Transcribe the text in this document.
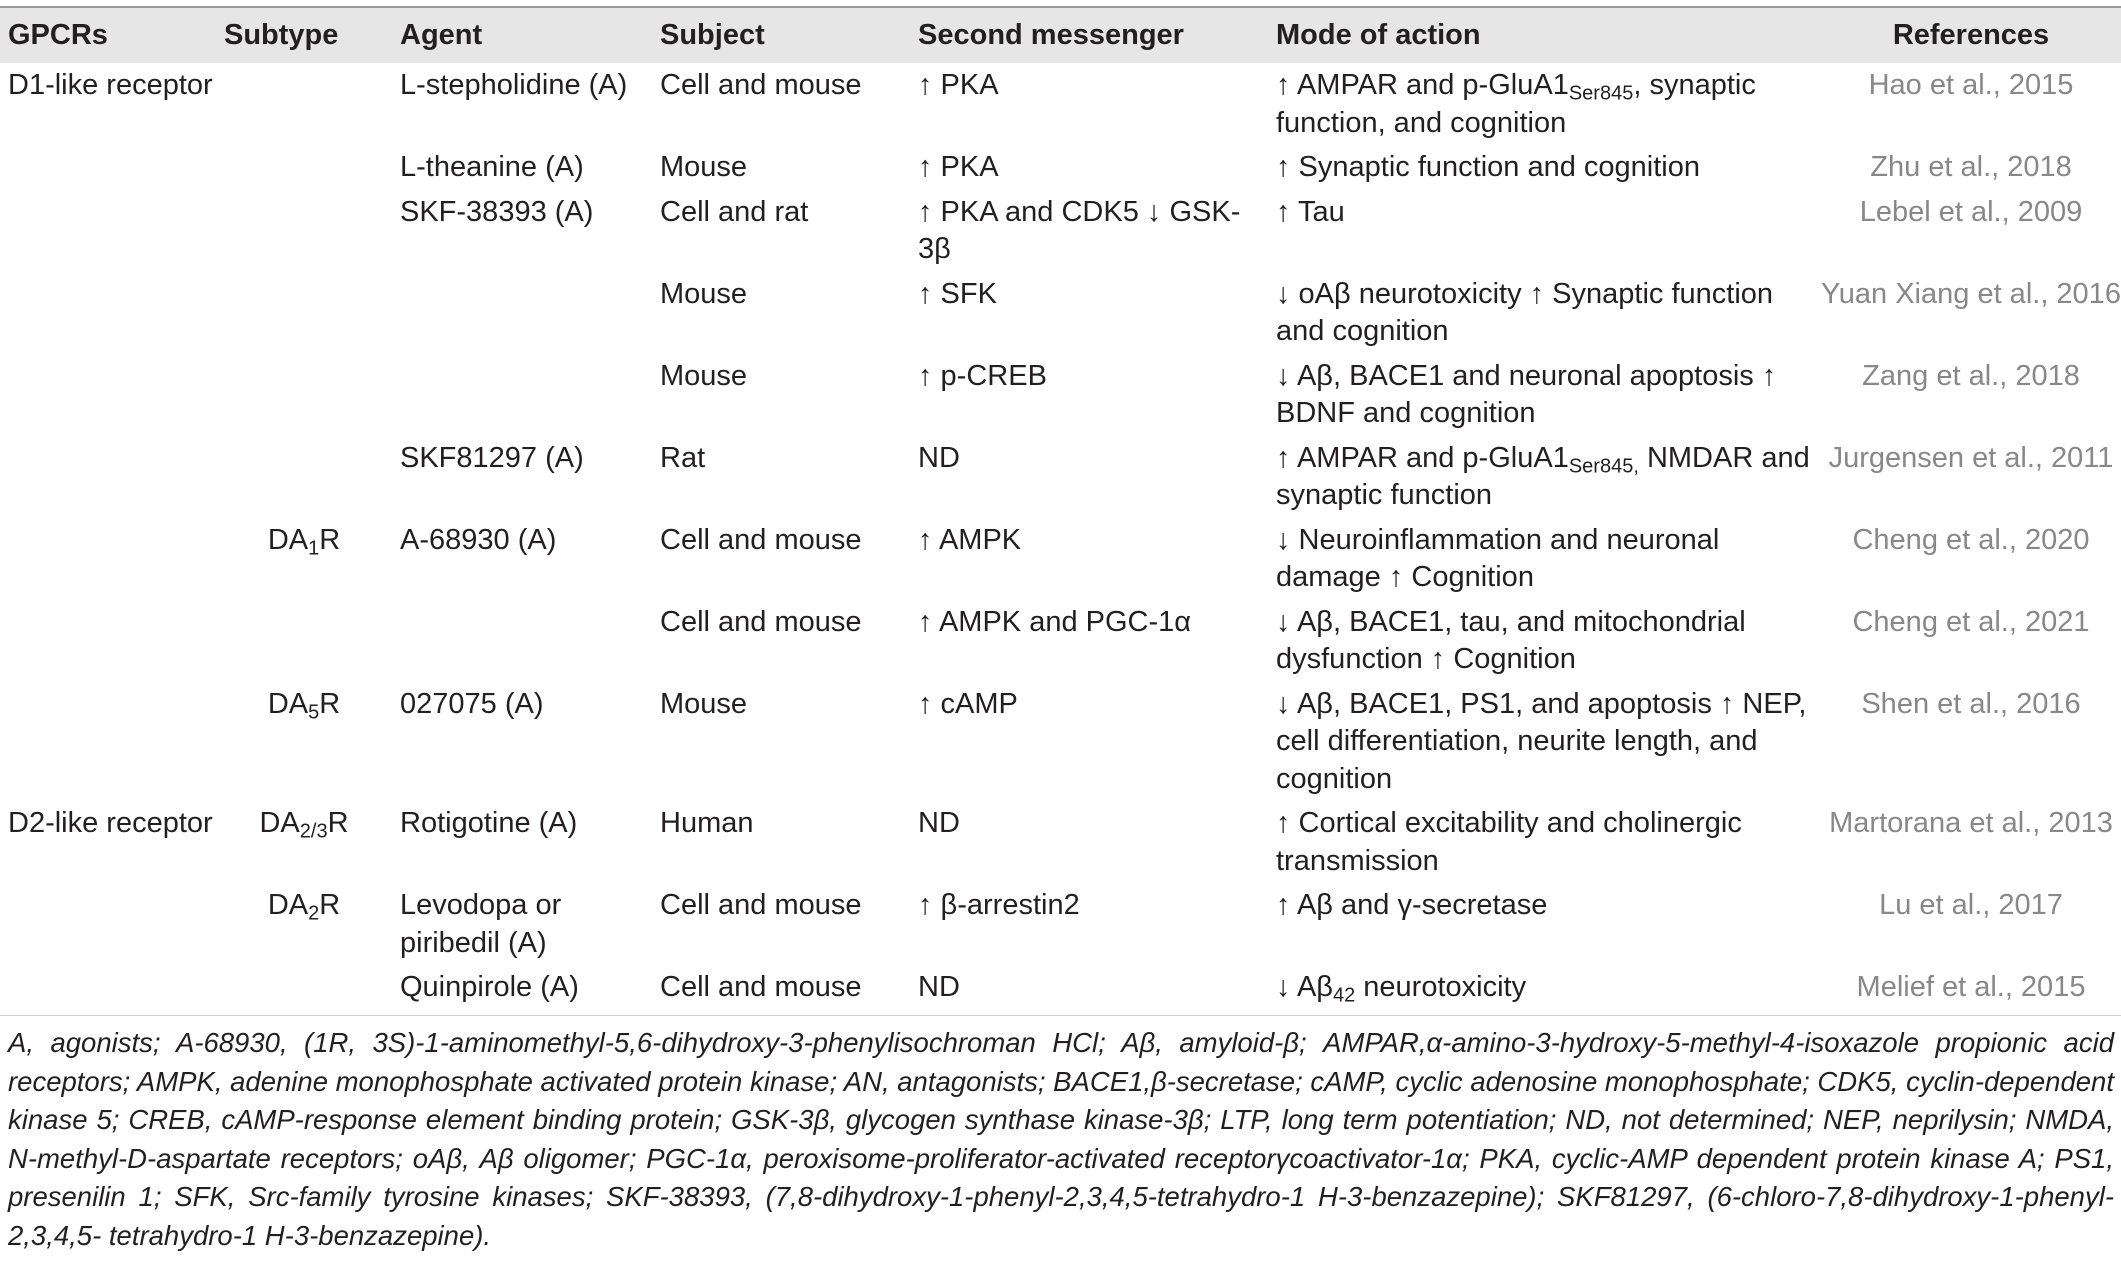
GPCRs	Subtype	Agent	Subject	Second messenger	Mode of action	References
D1-like receptor		L-stepholidine (A)	Cell and mouse	↑ PKA	↑ AMPAR and $p-GluA1_{Ser845}$, synaptic function, and cognition	Hao et al., 2015
		L-theanine (A)	Mouse	↑ PKA	↑ Synaptic function and cognition	Zhu et al., 2018
		SKF-38393 (A)	Cell and rat	↑ PKA and CDK5 ↓ GSK-3β	↑ Tau	Lebel et al., 2009
			Mouse	↑ SFK	↓ oAβ neurotoxicity ↑ Synaptic function and cognition	Yuan Xiang et al., 2016
			Mouse	↑ p-CREB	↓ Aβ, BACE1 and neuronal apoptosis ↑ BDNF and cognition	Zang et al., 2018
		SKF81297 (A)	Rat	ND	↑ AMPAR and $p-GluA1_{Ser845,}$ NMDAR and synaptic function	Jurgensen et al., 2011
	$DA_1R$	A-68930 (A)	Cell and mouse	↑ AMPK	↓ Neuroinflammation and neuronal damage ↑ Cognition	Cheng et al., 2020
			Cell and mouse	↑ AMPK and PGC-1α	↓ Aβ, BACE1, tau, and mitochondrial dysfunction ↑ Cognition	Cheng et al., 2021
	$DA_5R$	027075 (A)	Mouse	↑ cAMP	↓ Aβ, BACE1, PS1, and apoptosis ↑ NEP, cell differentiation, neurite length, and cognition	Shen et al., 2016
D2-like receptor	$DA_{2/3}R$	Rotigotine (A)	Human	ND	↑ Cortical excitability and cholinergic transmission	Martorana et al., 2013
	$DA_2R$	Levodopa or piribedil (A)	Cell and mouse	↑ β-arrestin2	↑ Aβ and γ-secretase	Lu et al., 2017
		Quinpirole (A)	Cell and mouse	ND	↓ $A\beta_{42}$ neurotoxicity	Melief et al., 2015
A, agonists; A-68930, (1R, 3S)-1-aminomethyl-5,6-dihydroxy-3-phenylisochroman HCl; Aβ, amyloid-β; AMPAR,α-amino-3-hydroxy-5-methyl-4-isoxazole propionic acid receptors; AMPK, adenine monophosphate activated protein kinase; AN, antagonists; BACE1,β-secretase; cAMP, cyclic adenosine monophosphate; CDK5, cyclin-dependent kinase 5; CREB, cAMP-response element binding protein; GSK-3β, glycogen synthase kinase-3β; LTP, long term potentiation; ND, not determined; NEP, neprilysin; NMDA, N-methyl-D-aspartate receptors; oAβ, Aβ oligomer; PGC-1α, peroxisome-proliferator-activated receptorγcoactivator-1α; PKA, cyclic-AMP dependent protein kinase A; PS1, presenilin 1; SFK, Src-family tyrosine kinases; SKF-38393, (7,8-dihydroxy-1-phenyl-2,3,4,5-tetrahydro-1 H-3-benzazepine); SKF81297, (6-chloro-7,8-dihydroxy-1-phenyl-2,3,4,5- tetrahydro-1 H-3-benzazepine).
